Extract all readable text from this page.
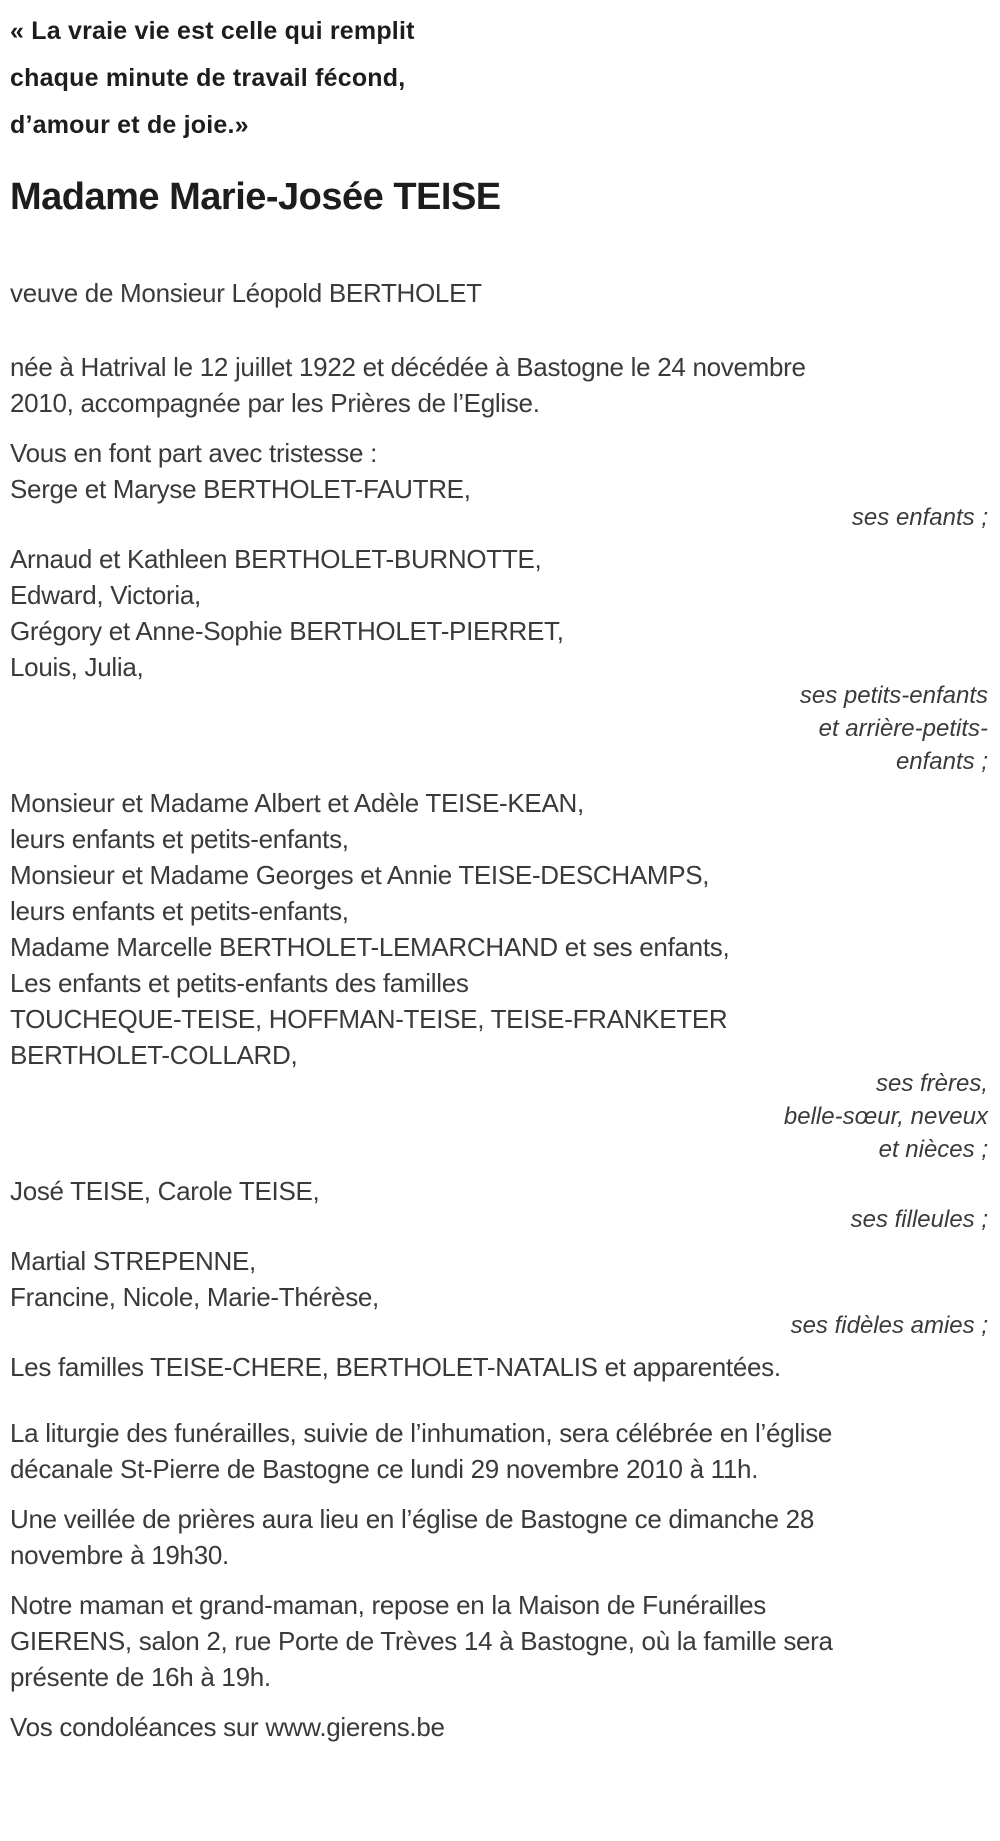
« La vraie vie est celle qui remplit
chaque minute de travail fécond,
d’amour et de joie.»
Madame Marie-Josée TEISE
veuve de Monsieur Léopold BERTHOLET
née à Hatrival le 12 juillet 1922 et décédée à Bastogne le 24 novembre
2010, accompagnée par les Prières de l’Eglise.
Vous en font part avec tristesse :
Serge et Maryse BERTHOLET-FAUTRE,
ses enfants ;
Arnaud et Kathleen BERTHOLET-BURNOTTE,
Edward, Victoria,
Grégory et Anne-Sophie BERTHOLET-PIERRET,
Louis, Julia,
ses petits-enfants
et arrière-petits-
enfants ;
Monsieur et Madame Albert et Adèle TEISE-KEAN,
leurs enfants et petits-enfants,
Monsieur et Madame Georges et Annie TEISE-DESCHAMPS,
leurs enfants et petits-enfants,
Madame Marcelle BERTHOLET-LEMARCHAND et ses enfants,
Les enfants et petits-enfants des familles
TOUCHEQUE-TEISE, HOFFMAN-TEISE, TEISE-FRANKETER
BERTHOLET-COLLARD,
ses frères,
belle-sœur, neveux
et nièces ;
José TEISE, Carole TEISE,
ses filleules ;
Martial STREPENNE,
Francine, Nicole, Marie-Thérèse,
ses fidèles amies ;
Les familles TEISE-CHERE, BERTHOLET-NATALIS et apparentées.
La liturgie des funérailles, suivie de l’inhumation, sera célébrée en l’église
décanale St-Pierre de Bastogne ce lundi 29 novembre 2010 à 11h.
Une veillée de prières aura lieu en l’église de Bastogne ce dimanche 28
novembre à 19h30.
Notre maman et grand-maman, repose en la Maison de Funérailles
GIERENS, salon 2, rue Porte de Trèves 14 à Bastogne, où la famille sera
présente de 16h à 19h.
Vos condoléances sur www.gierens.be
